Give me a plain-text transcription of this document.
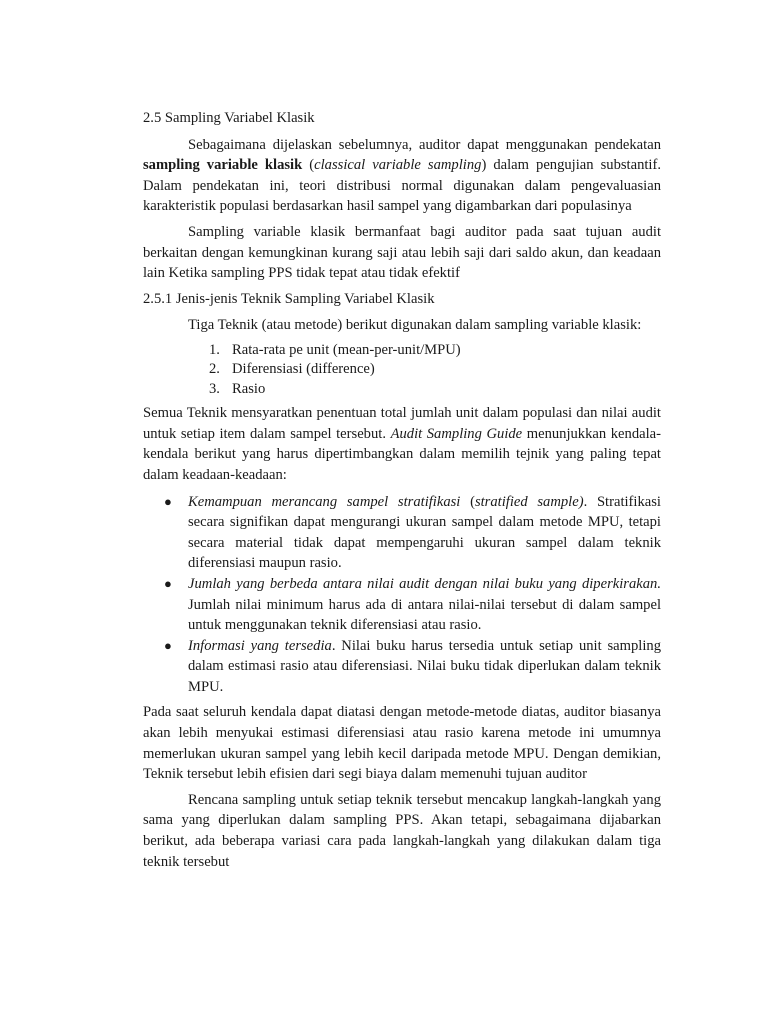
2.5 Sampling Variabel Klasik

Sebagaimana dijelaskan sebelumnya, auditor dapat menggunakan pendekatan sampling variable klasik (classical variable sampling) dalam pengujian substantif. Dalam pendekatan ini, teori distribusi normal digunakan dalam pengevaluasian karakteristik populasi berdasarkan hasil sampel yang digambarkan dari populasinya

Sampling variable klasik bermanfaat bagi auditor pada saat tujuan audit berkaitan dengan kemungkinan kurang saji atau lebih saji dari saldo akun, dan keadaan lain Ketika sampling PPS tidak tepat atau tidak efektif

2.5.1 Jenis-jenis Teknik Sampling Variabel Klasik

Tiga Teknik (atau metode) berikut digunakan dalam sampling variable klasik:

1. Rata-rata pe unit (mean-per-unit/MPU)
2. Diferensiasi (difference)
3. Rasio

Semua Teknik mensyaratkan penentuan total jumlah unit dalam populasi dan nilai audit untuk setiap item dalam sampel tersebut. Audit Sampling Guide menunjukkan kendala-kendala berikut yang harus dipertimbangkan dalam memilih tejnik yang paling tepat dalam keadaan-keadaan:

● Kemampuan merancang sampel stratifikasi (stratified sample). Stratifikasi secara signifikan dapat mengurangi ukuran sampel dalam metode MPU, tetapi secara material tidak dapat mempengaruhi ukuran sampel dalam teknik diferensiasi maupun rasio.
● Jumlah yang berbeda antara nilai audit dengan nilai buku yang diperkirakan. Jumlah nilai minimum harus ada di antara nilai-nilai tersebut di dalam sampel untuk menggunakan teknik diferensiasi atau rasio.
● Informasi yang tersedia. Nilai buku harus tersedia untuk setiap unit sampling dalam estimasi rasio atau diferensiasi. Nilai buku tidak diperlukan dalam teknik MPU.

Pada saat seluruh kendala dapat diatasi dengan metode-metode diatas, auditor biasanya akan lebih menyukai estimasi diferensiasi atau rasio karena metode ini umumnya memerlukan ukuran sampel yang lebih kecil daripada metode MPU. Dengan demikian, Teknik tersebut lebih efisien dari segi biaya dalam memenuhi tujuan auditor

Rencana sampling untuk setiap teknik tersebut mencakup langkah-langkah yang sama yang diperlukan dalam sampling PPS. Akan tetapi, sebagaimana dijabarkan berikut, ada beberapa variasi cara pada langkah-langkah yang dilakukan dalam tiga teknik tersebut
